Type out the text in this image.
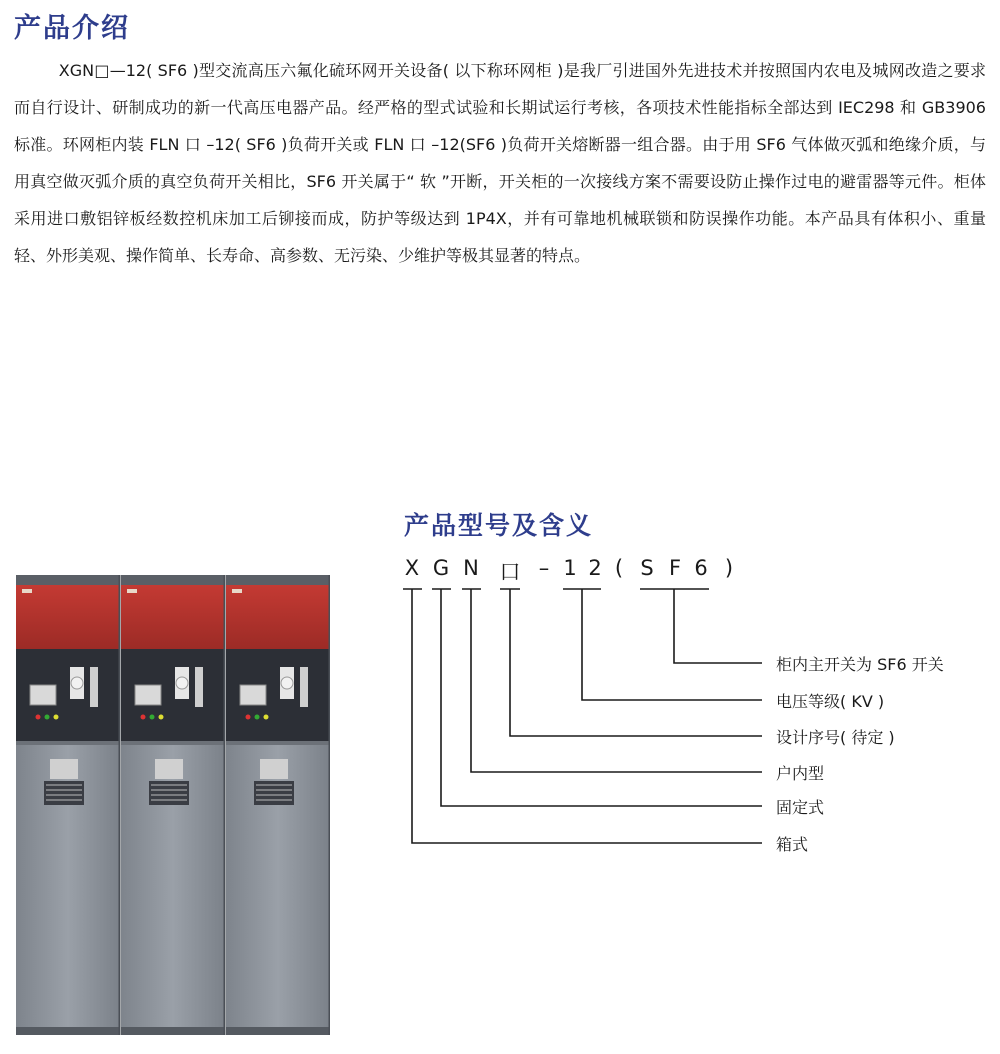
产品介绍

XGN□—12( SF6 )型交流高压六氟化硫环网开关设备( 以下称环网柜 )是我厂引进国外先进技术并按照国内农电及城网改造之要求而自行设计、研制成功的新一代高压电器产品。经严格的型式试验和长期试运行考核，各项技术性能指标全部达到 IEC298 和 GB3906 标准。环网柜内装 FLN 口 –12( SF6 )负荷开关或 FLN 口 –12(SF6 )负荷开关熔断器一组合器。由于用 SF6 气体做灭弧和绝缘介质，与用真空做灭弧介质的真空负荷开关相比，SF6 开关属于“ 软 ”开断，开关柜的一次接线方案不需要设防止操作过电的避雷器等元件。柜体采用进口敷铝锌板经数控机床加工后铆接而成，防护等级达到 1P4X，并有可靠地机械联锁和防误操作功能。本产品具有体积小、重量轻、外形美观、操作简单、长寿命、高参数、无污染、少维护等极其显著的特点。

产品型号及含义
X G N 口 – 1 2 ( S F 6 )
柜内主开关为 SF6 开关
电压等级( KV )
设计序号( 待定 )
户内型
固定式
箱式
